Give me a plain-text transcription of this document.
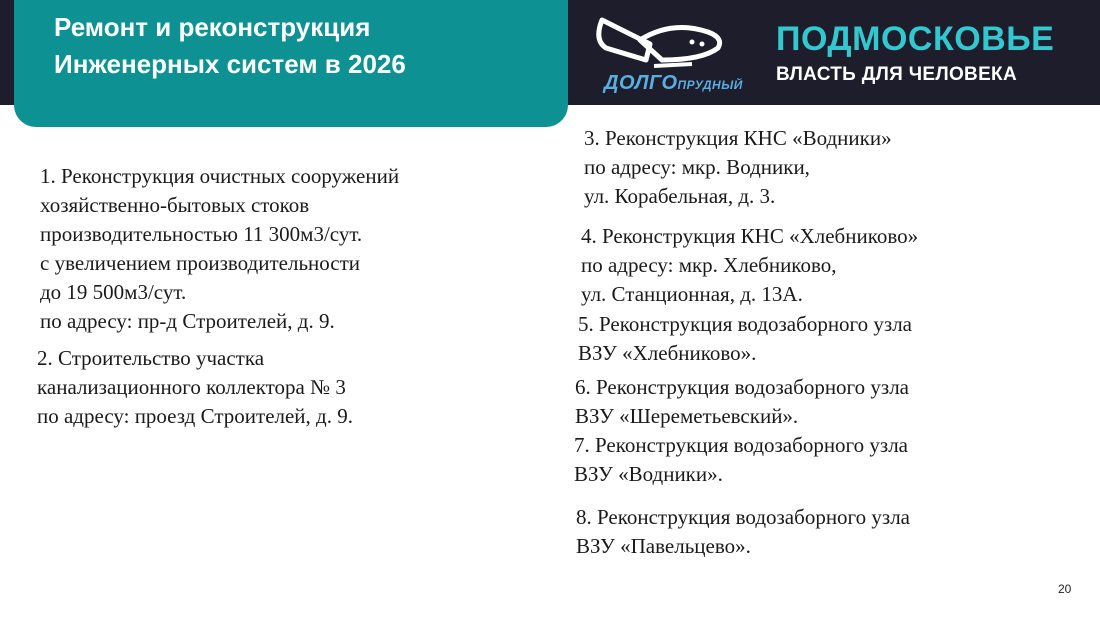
Ремонт и реконструкция
Инженерных систем в 2026
ДОЛГОПРУДНЫЙ
ПОДМОСКОВЬЕ
ВЛАСТЬ ДЛЯ ЧЕЛОВЕКА
1. Реконструкция очистных сооружений
хозяйственно-бытовых стоков
производительностью 11 300м3/сут.
с увеличением производительности
до 19 500м3/сут.
по адресу: пр-д Строителей, д. 9.
2. Строительство участка
канализационного коллектора № 3
по адресу: проезд Строителей, д. 9.
3. Реконструкция КНС «Водники»
по адресу: мкр. Водники,
ул. Корабельная, д. 3.
4. Реконструкция КНС «Хлебниково»
по адресу: мкр. Хлебниково,
ул. Станционная, д. 13А.
5. Реконструкция водозаборного узла
ВЗУ «Хлебниково».
6. Реконструкция водозаборного узла
ВЗУ «Шереметьевский».
7. Реконструкция водозаборного узла
ВЗУ «Водники».
8. Реконструкция водозаборного узла
ВЗУ «Павельцево».
20
